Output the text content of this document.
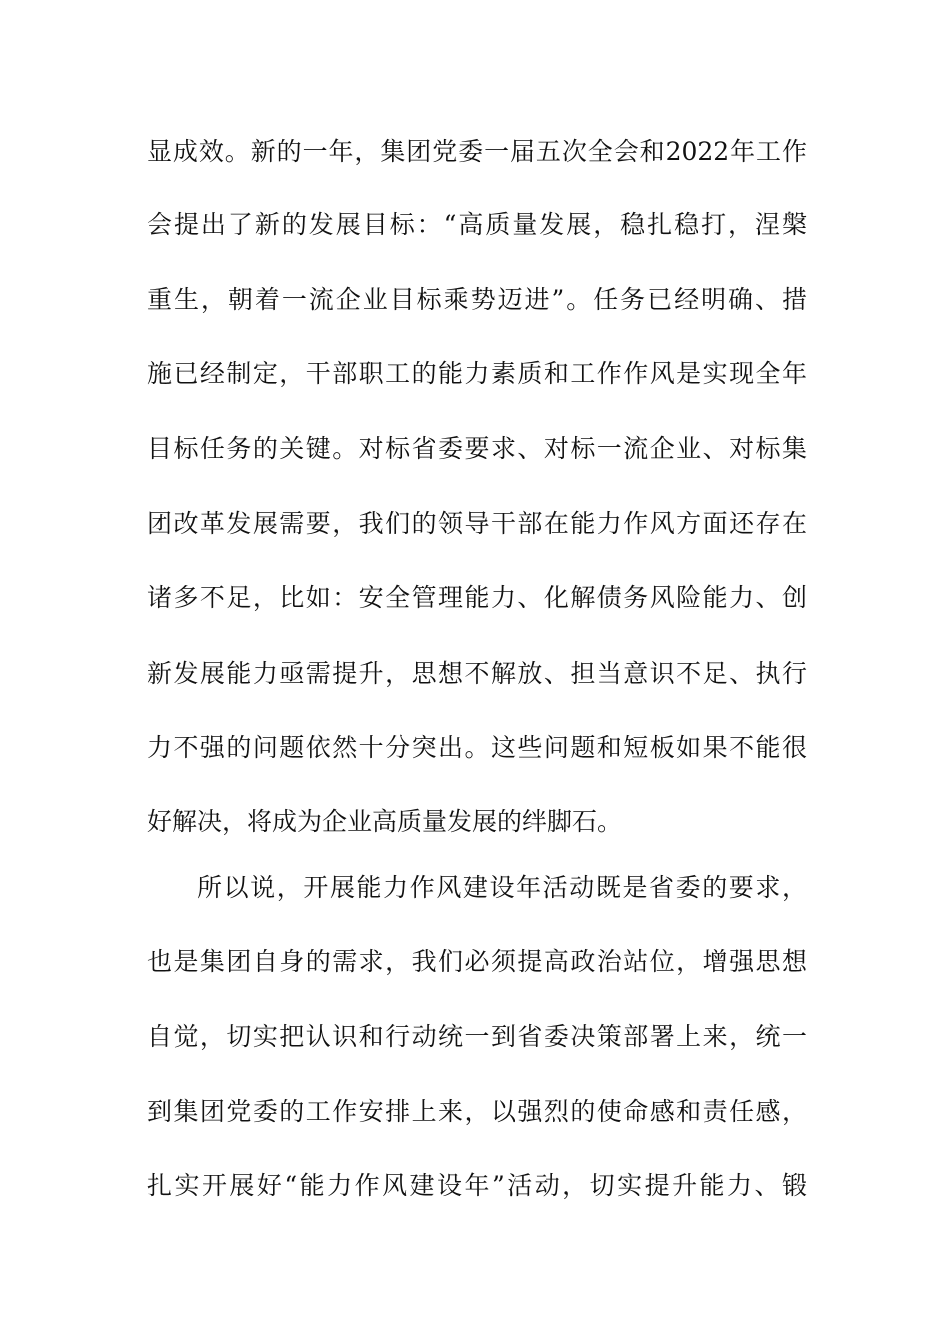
显成效。新的一年，集团党委一届五次全会和2022年工作
会提出了新的发展目标：“高质量发展，稳扎稳打，涅槃
重生，朝着一流企业目标乘势迈进”。任务已经明确、措
施已经制定，干部职工的能力素质和工作作风是实现全年
目标任务的关键。对标省委要求、对标一流企业、对标集
团改革发展需要，我们的领导干部在能力作风方面还存在
诸多不足，比如：安全管理能力、化解债务风险能力、创
新发展能力亟需提升，思想不解放、担当意识不足、执行
力不强的问题依然十分突出。这些问题和短板如果不能很
好解决，将成为企业高质量发展的绊脚石。
所以说，开展能力作风建设年活动既是省委的要求，
也是集团自身的需求，我们必须提高政治站位，增强思想
自觉，切实把认识和行动统一到省委决策部署上来，统一
到集团党委的工作安排上来，以强烈的使命感和责任感，
扎实开展好“能力作风建设年”活动，切实提升能力、锻
